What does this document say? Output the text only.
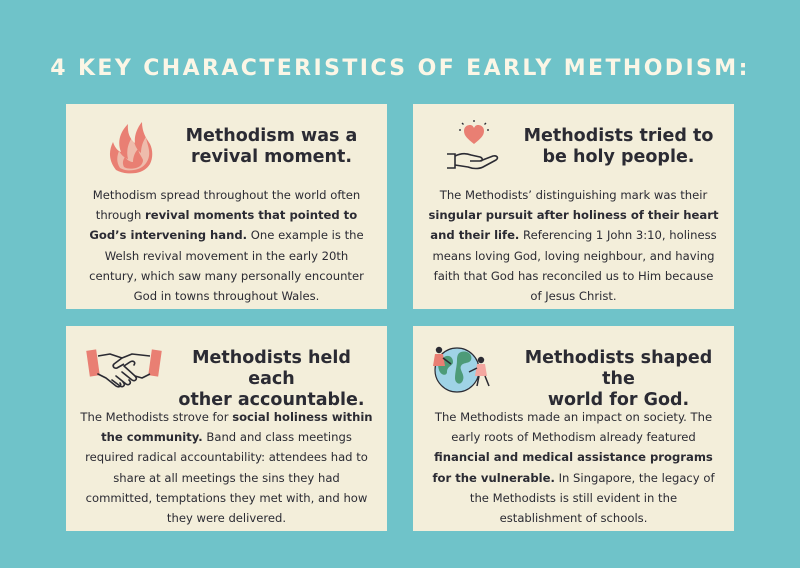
4 KEY CHARACTERISTICS OF EARLY METHODISM:
Methodism was a
revival moment.
Methodism spread throughout the world often through revival moments that pointed to God’s intervening hand. One example is the Welsh revival movement in the early 20th century, which saw many personally encounter God in towns throughout Wales.
Methodists tried to
be holy people.
The Methodists’ distinguishing mark was their singular pursuit after holiness of their heart and their life. Referencing 1 John 3:10, holiness means loving God, loving neighbour, and having faith that God has reconciled us to Him because of Jesus Christ.
Methodists held each
other accountable.
The Methodists strove for social holiness within the community. Band and class meetings required radical accountability: attendees had to share at all meetings the sins they had committed, temptations they met with, and how they were delivered.
Methodists shaped the
world for God.
The Methodists made an impact on society. The early roots of Methodism already featured financial and medical assistance programs for the vulnerable. In Singapore, the legacy of the Methodists is still evident in the establishment of schools.
